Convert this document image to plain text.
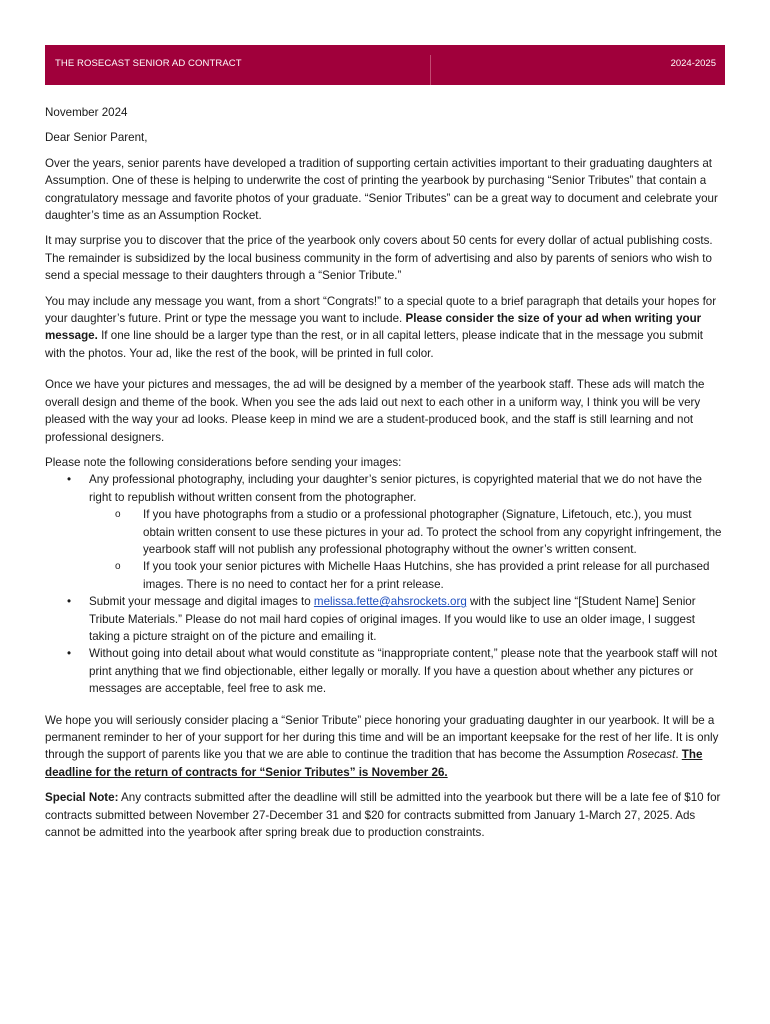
THE ROSECAST SENIOR AD CONTRACT	2024-2025

November 2024

Dear Senior Parent,

Over the years, senior parents have developed a tradition of supporting certain activities important to their graduating daughters at Assumption. One of these is helping to underwrite the cost of printing the yearbook by purchasing “Senior Tributes” that contain a congratulatory message and favorite photos of your graduate. “Senior Tributes” can be a great way to document and celebrate your daughter’s time as an Assumption Rocket.

It may surprise you to discover that the price of the yearbook only covers about 50 cents for every dollar of actual publishing costs. The remainder is subsidized by the local business community in the form of advertising and also by parents of seniors who wish to send a special message to their daughters through a “Senior Tribute.”

You may include any message you want, from a short “Congrats!” to a special quote to a brief paragraph that details your hopes for your daughter’s future. Print or type the message you want to include. Please consider the size of your ad when writing your message. If one line should be a larger type than the rest, or in all capital letters, please indicate that in the message you submit with the photos. Your ad, like the rest of the book, will be printed in full color.

Once we have your pictures and messages, the ad will be designed by a member of the yearbook staff. These ads will match the overall design and theme of the book. When you see the ads laid out next to each other in a uniform way, I think you will be very pleased with the way your ad looks. Please keep in mind we are a student-produced book, and the staff is still learning and not professional designers.

Please note the following considerations before sending your images:

• Any professional photography, including your daughter’s senior pictures, is copyrighted material that we do not have the right to republish without written consent from the photographer.
o If you have photographs from a studio or a professional photographer (Signature, Lifetouch, etc.), you must obtain written consent to use these pictures in your ad. To protect the school from any copyright infringement, the yearbook staff will not publish any professional photography without the owner’s written consent.
o If you took your senior pictures with Michelle Haas Hutchins, she has provided a print release for all purchased images. There is no need to contact her for a print release.
• Submit your message and digital images to melissa.fette@ahsrockets.org with the subject line “[Student Name] Senior Tribute Materials.” Please do not mail hard copies of original images. If you would like to use an older image, I suggest taking a picture straight on of the picture and emailing it.
• Without going into detail about what would constitute as “inappropriate content,” please note that the yearbook staff will not print anything that we find objectionable, either legally or morally. If you have a question about whether any pictures or messages are acceptable, feel free to ask me.

We hope you will seriously consider placing a “Senior Tribute” piece honoring your graduating daughter in our yearbook. It will be a permanent reminder to her of your support for her during this time and will be an important keepsake for the rest of her life. It is only through the support of parents like you that we are able to continue the tradition that has become the Assumption Rosecast. The deadline for the return of contracts for “Senior Tributes” is November 26.

Special Note: Any contracts submitted after the deadline will still be admitted into the yearbook but there will be a late fee of $10 for contracts submitted between November 27-December 31 and $20 for contracts submitted from January 1-March 27, 2025. Ads cannot be admitted into the yearbook after spring break due to production constraints.
